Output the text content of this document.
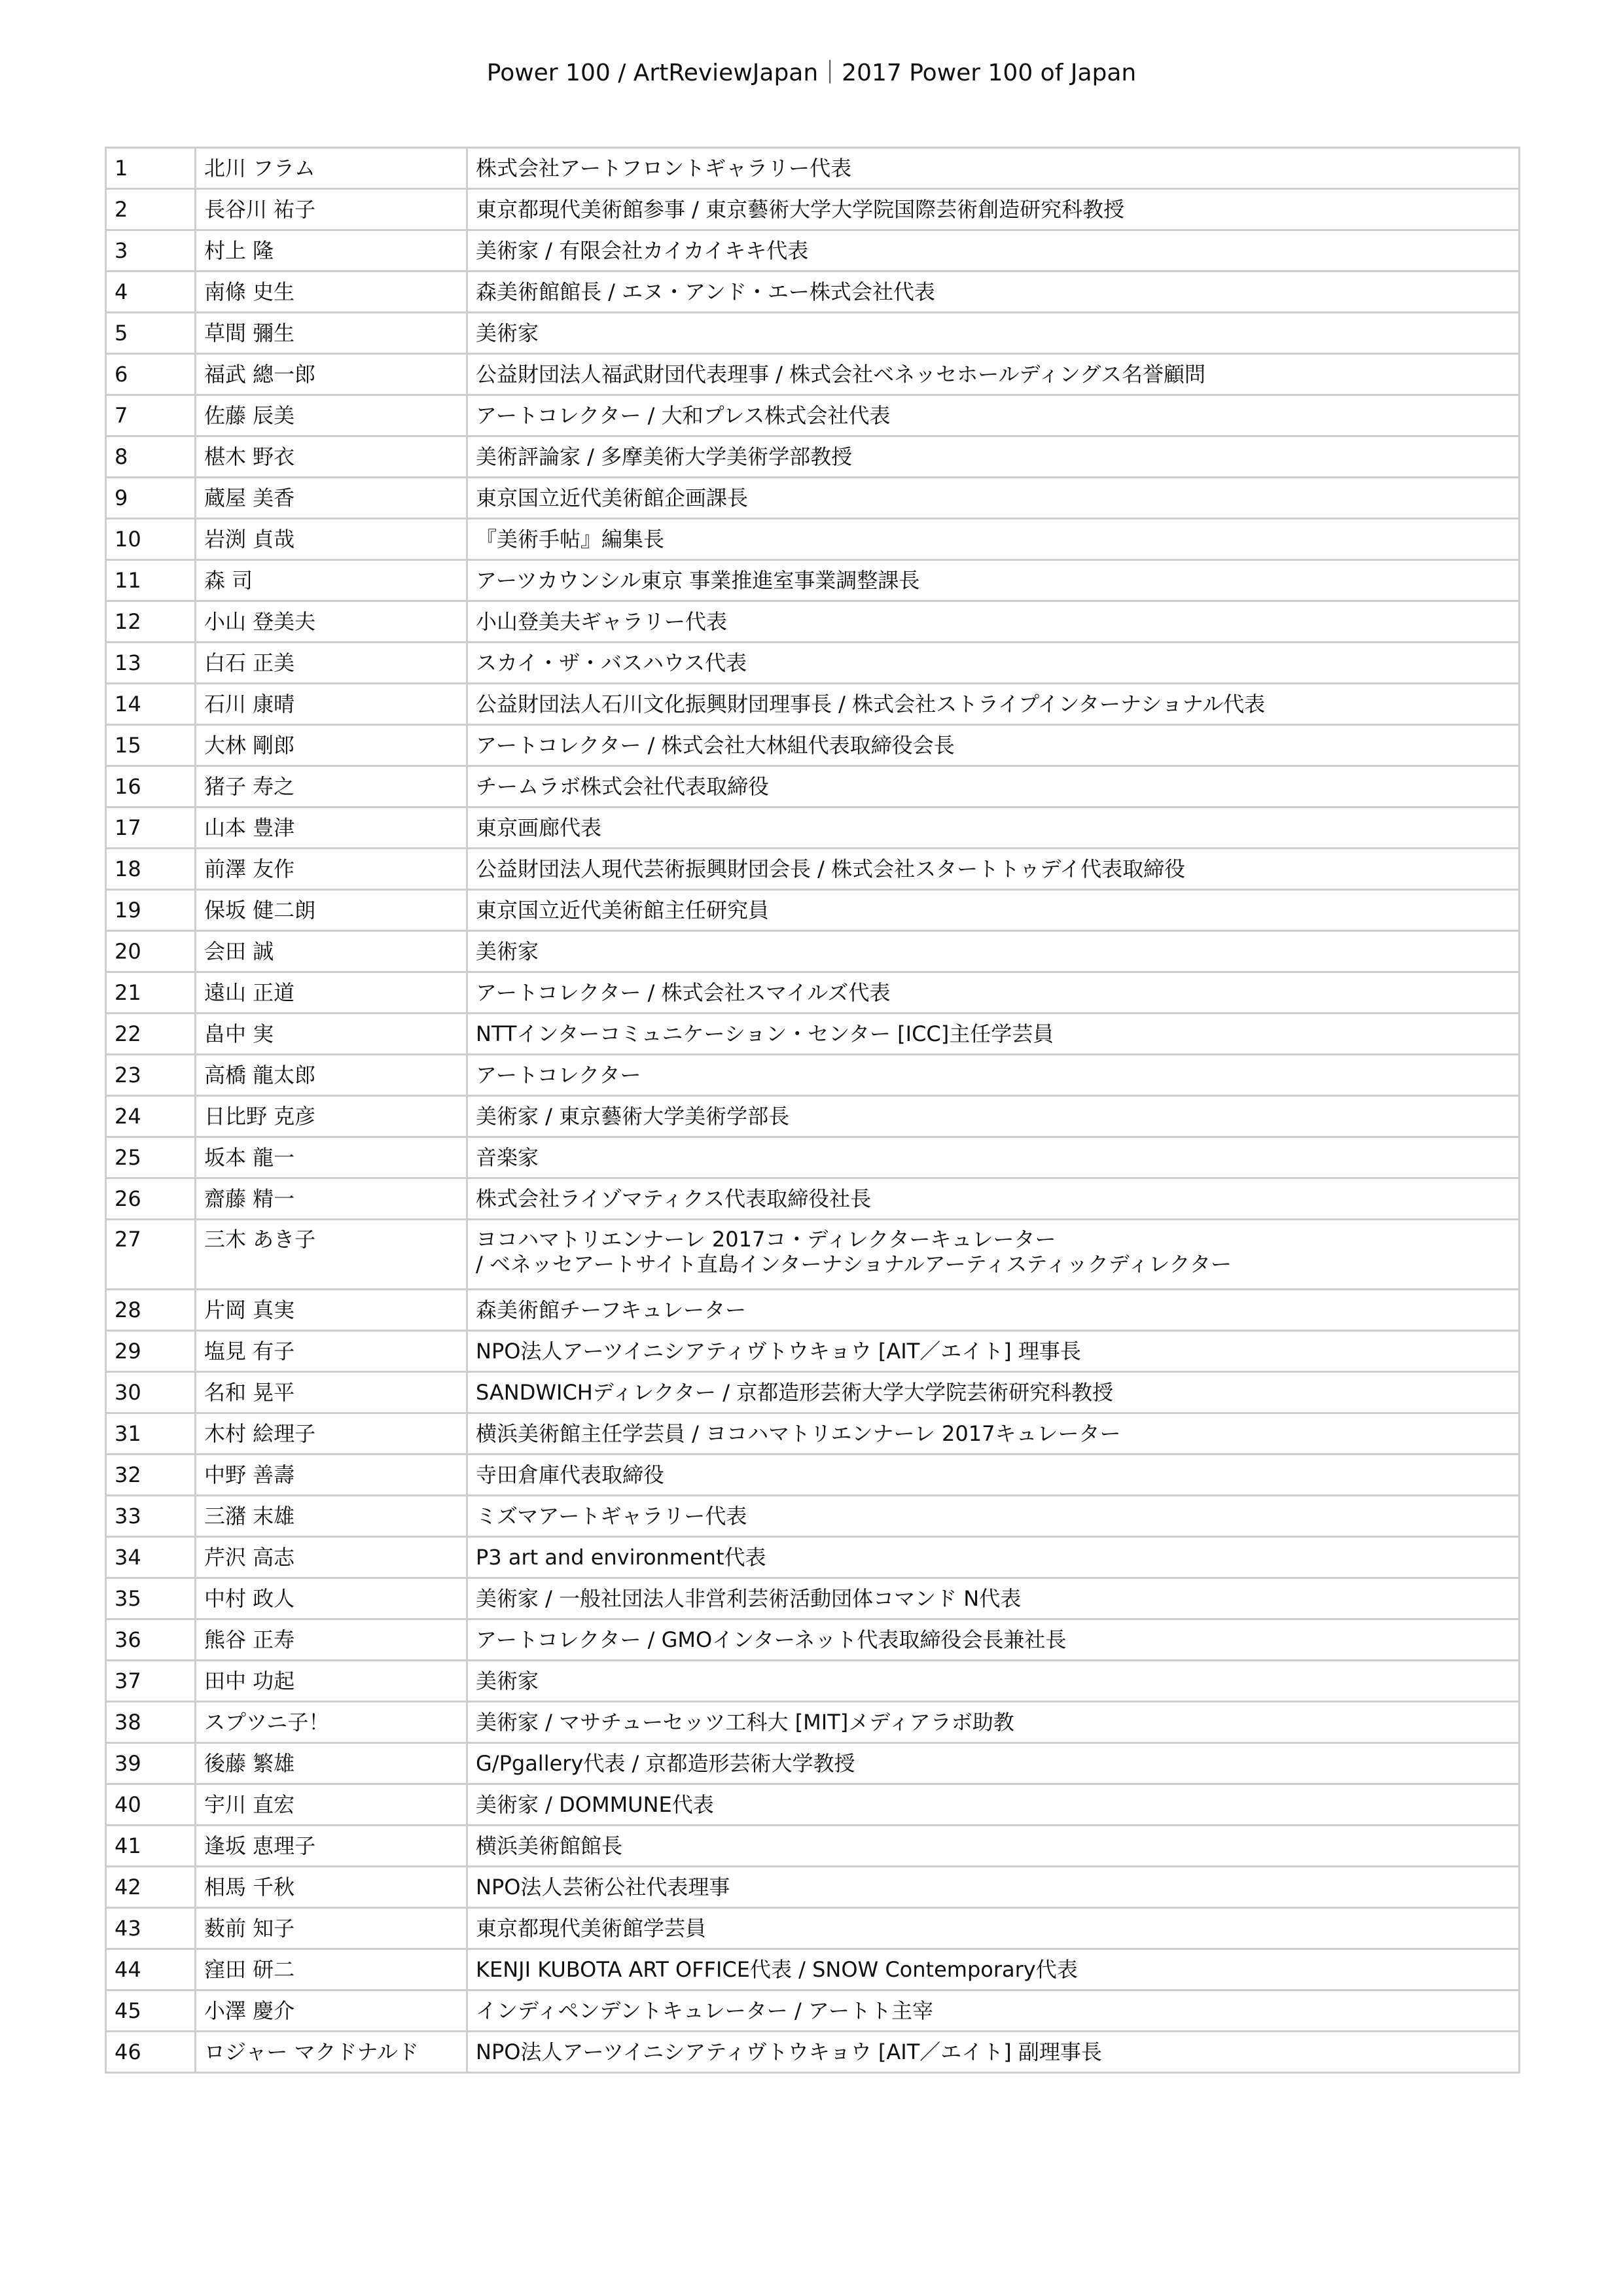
Power 100 / ArtReviewJapan｜2017 Power 100 of Japan
1	北川 フラム	株式会社アートフロントギャラリー代表

2	長谷川 祐子	東京都現代美術館参事 / 東京藝術大学大学院国際芸術創造研究科教授

3	村上 隆	美術家 / 有限会社カイカイキキ代表

4	南條 史生	森美術館館長 / エヌ・アンド・エー株式会社代表

5	草間 彌生	美術家

6	福武 總一郎	公益財団法人福武財団代表理事 / 株式会社ベネッセホールディングス名誉顧問

7	佐藤 辰美	アートコレクター / 大和プレス株式会社代表

8	椹木 野衣	美術評論家 / 多摩美術大学美術学部教授

9	蔵屋 美香	東京国立近代美術館企画課長

10	岩渕 貞哉	『美術手帖』編集長

11	森 司	アーツカウンシル東京 事業推進室事業調整課長

12	小山 登美夫	小山登美夫ギャラリー代表

13	白石 正美	スカイ・ザ・バスハウス代表

14	石川 康晴	公益財団法人石川文化振興財団理事長 / 株式会社ストライプインターナショナル代表

15	大林 剛郎	アートコレクター / 株式会社大林組代表取締役会長

16	猪子 寿之	チームラボ株式会社代表取締役

17	山本 豊津	東京画廊代表

18	前澤 友作	公益財団法人現代芸術振興財団会長 / 株式会社スタートトゥデイ代表取締役

19	保坂 健二朗	東京国立近代美術館主任研究員

20	会田 誠	美術家

21	遠山 正道	アートコレクター / 株式会社スマイルズ代表

22	畠中 実	NTTインターコミュニケーション・センター [ICC]主任学芸員

23	高橋 龍太郎	アートコレクター

24	日比野 克彦	美術家 / 東京藝術大学美術学部長

25	坂本 龍一	音楽家

26	齋藤 精一	株式会社ライゾマティクス代表取締役社長

27	三木 あき子	ヨコハマトリエンナーレ 2017コ・ディレクターキュレーター
/ ベネッセアートサイト直島インターナショナルアーティスティックディレクター

28	片岡 真実	森美術館チーフキュレーター

29	塩見 有子	NPO法人アーツイニシアティヴトウキョウ [AIT／エイト] 理事長

30	名和 晃平	SANDWICHディレクター / 京都造形芸術大学大学院芸術研究科教授

31	木村 絵理子	横浜美術館主任学芸員 / ヨコハマトリエンナーレ 2017キュレーター

32	中野 善壽	寺田倉庫代表取締役

33	三潴 末雄	ミズマアートギャラリー代表

34	芹沢 高志	P3 art and environment代表

35	中村 政人	美術家 / 一般社団法人非営利芸術活動団体コマンド N代表

36	熊谷 正寿	アートコレクター / GMOインターネット代表取締役会長兼社長

37	田中 功起	美術家

38	スプツニ子！	美術家 / マサチューセッツ工科大 [MIT]メディアラボ助教

39	後藤 繁雄	G/Pgallery代表 / 京都造形芸術大学教授

40	宇川 直宏	美術家 / DOMMUNE代表

41	逢坂 恵理子	横浜美術館館長

42	相馬 千秋	NPO法人芸術公社代表理事

43	薮前 知子	東京都現代美術館学芸員

44	窪田 研二	KENJI KUBOTA ART OFFICE代表 / SNOW Contemporary代表

45	小澤 慶介	インディペンデントキュレーター / アートト主宰

46	ロジャー マクドナルド	NPO法人アーツイニシアティヴトウキョウ [AIT／エイト] 副理事長
